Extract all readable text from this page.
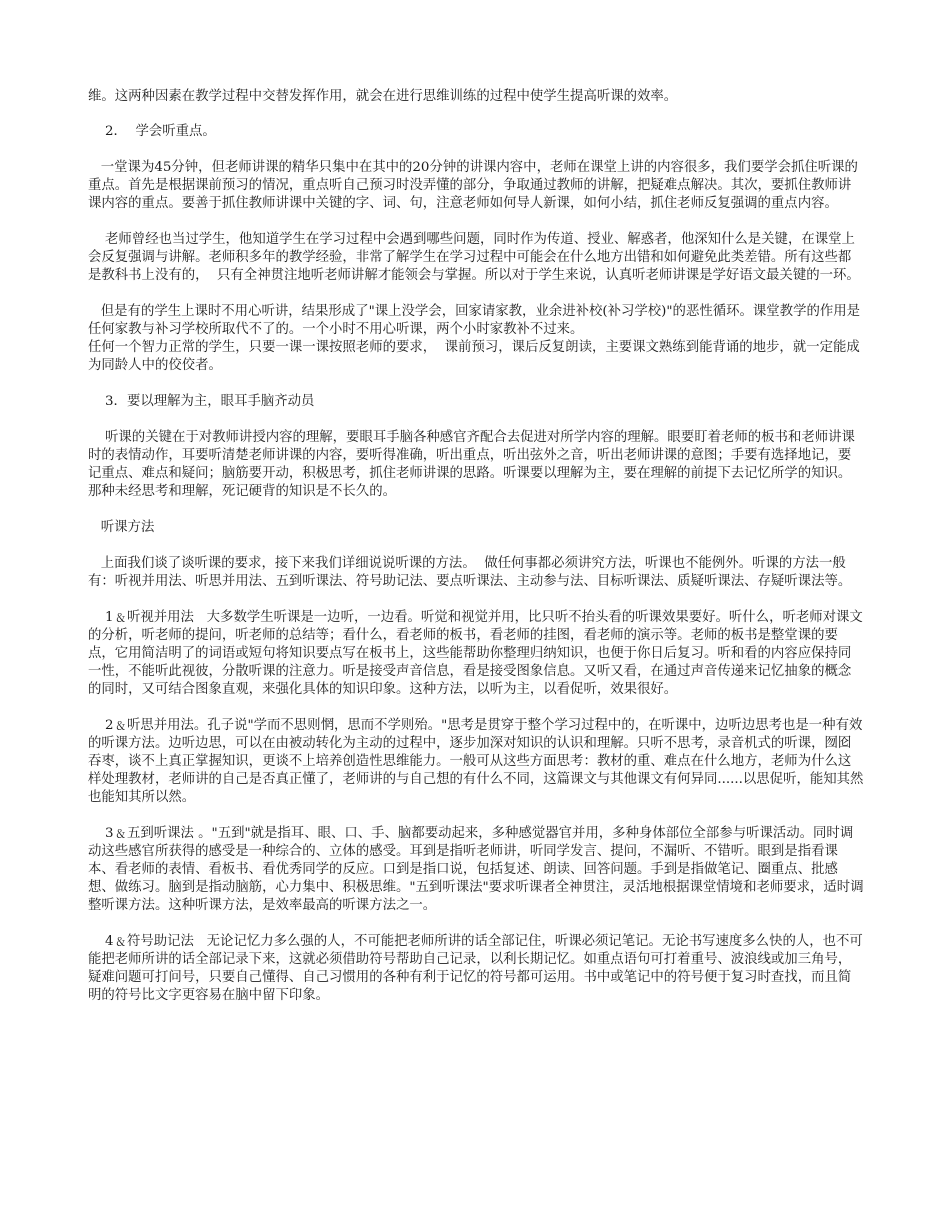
维。这两种因素在教学过程中交替发挥作用，就会在进行思维训练的过程中使学生提高听课的效率。

2．  学会听重点。

一堂课为45分钟，但老师讲课的精华只集中在其中的20分钟的讲课内容中，老师在课堂上讲的内容很多，我们要学会抓住听课的重点。首先是根据课前预习的情况，重点听自己预习时没弄懂的部分，争取通过教师的讲解，把疑难点解决。其次，要抓住教师讲课内容的重点。要善于抓住教师讲课中关键的字、词、句，注意老师如何导人新课，如何小结，抓住老师反复强调的重点内容。

老师曾经也当过学生，他知道学生在学习过程中会遇到哪些问题，同时作为传道、授业、解惑者，他深知什么是关键，在课堂上会反复强调与讲解。老师积多年的教学经验，非常了解学生在学习过程中可能会在什么地方出错和如何避免此类差错。所有这些都是教科书上没有的，  只有全神贯注地听老师讲解才能领会与掌握。所以对于学生来说，认真听老师讲课是学好语文最关键的一环。

但是有的学生上课时不用心听讲，结果形成了"课上没学会，回家请家教，业余进补校(补习学校)"的恶性循环。课堂教学的作用是任何家教与补习学校所取代不了的。一个小时不用心听课，两个小时家教补不过来。

任何一个智力正常的学生，只要一课一课按照老师的要求，  课前预习，课后反复朗读，主要课文熟练到能背诵的地步，就一定能成为同龄人中的佼佼者。

3．要以理解为主，眼耳手脑齐动员

听课的关键在于对教师讲授内容的理解，要眼耳手脑各种感官齐配合去促进对所学内容的理解。眼要盯着老师的板书和老师讲课时的表情动作，耳要听清楚老师讲课的内容，要听得准确，听出重点，听出弦外之音，听出老师讲课的意图；手要有选择地记，要记重点、难点和疑问；脑筋要开动，积极思考，抓住老师讲课的思路。听课要以理解为主，要在理解的前提下去记忆所学的知识。那种未经思考和理解，死记硬背的知识是不长久的。

听课方法

上面我们谈了谈听课的要求，接下来我们详细说说听课的方法。  做任何事都必须讲究方法，听课也不能例外。听课的方法一般有：听视并用法、听思并用法、五到听课法、符号助记法、要点听课法、主动参与法、目标听课法、质疑听课法、存疑听课法等。

1﹠听视并用法   大多数学生听课是一边听，一边看。听觉和视觉并用，比只听不抬头看的听课效果要好。听什么，听老师对课文的分析，听老师的提问，听老师的总结等；看什么，看老师的板书，看老师的挂图，看老师的演示等。老师的板书是整堂课的要点，它用简洁明了的词语或短句将知识要点写在板书上，这些能帮助你整理归纳知识，也便于你日后复习。听和看的内容应保持同一性，不能听此视彼，分散听课的注意力。听是接受声音信息，看是接受图象信息。又听又看，在通过声音传递来记忆抽象的概念的同时，又可结合图象直观，来强化具体的知识印象。这种方法，以听为主，以看促听，效果很好。

2﹠听思并用法。孔子说"学而不思则惘，思而不学则殆。"思考是贯穿于整个学习过程中的，在听课中，边听边思考也是一种有效的听课方法。边听边思，可以在由被动转化为主动的过程中，逐步加深对知识的认识和理解。只听不思考，录音机式的听课，囫囵吞枣，谈不上真正掌握知识，更谈不上培养创造性思维能力。一般可从这些方面思考：教材的重、难点在什么地方，老师为什么这样处理教材，老师讲的自己是否真正懂了，老师讲的与自己想的有什么不同，这篇课文与其他课文有何异同......以思促听，能知其然也能知其所以然。

3﹠五到听课法 。"五到"就是指耳、眼、口、手、脑都要动起来，多种感觉器官并用，多种身体部位全部参与听课活动。同时调动这些感官所获得的感受是一种综合的、立体的感受。耳到是指听老师讲，听同学发言、提问，不漏听、不错听。眼到是指看课本、看老师的表情、看板书、看优秀同学的反应。口到是指口说，包括复述、朗读、回答问题。手到是指做笔记、圈重点、批感想、做练习。脑到是指动脑筋，心力集中、积极思维。"五到听课法"要求听课者全神贯注，灵活地根据课堂情境和老师要求，适时调整听课方法。这种听课方法，是效率最高的听课方法之一。

4﹠符号助记法   无论记忆力多么强的人，不可能把老师所讲的话全部记住，听课必须记笔记。无论书写速度多么快的人，也不可能把老师所讲的话全部记录下来，这就必须借助符号帮助自己记录，以利长期记忆。如重点语句可打着重号、波浪线或加三角号，疑难问题可打问号，只要自己懂得、自己习惯用的各种有利于记忆的符号都可运用。书中或笔记中的符号便于复习时查找，而且简明的符号比文字更容易在脑中留下印象。
